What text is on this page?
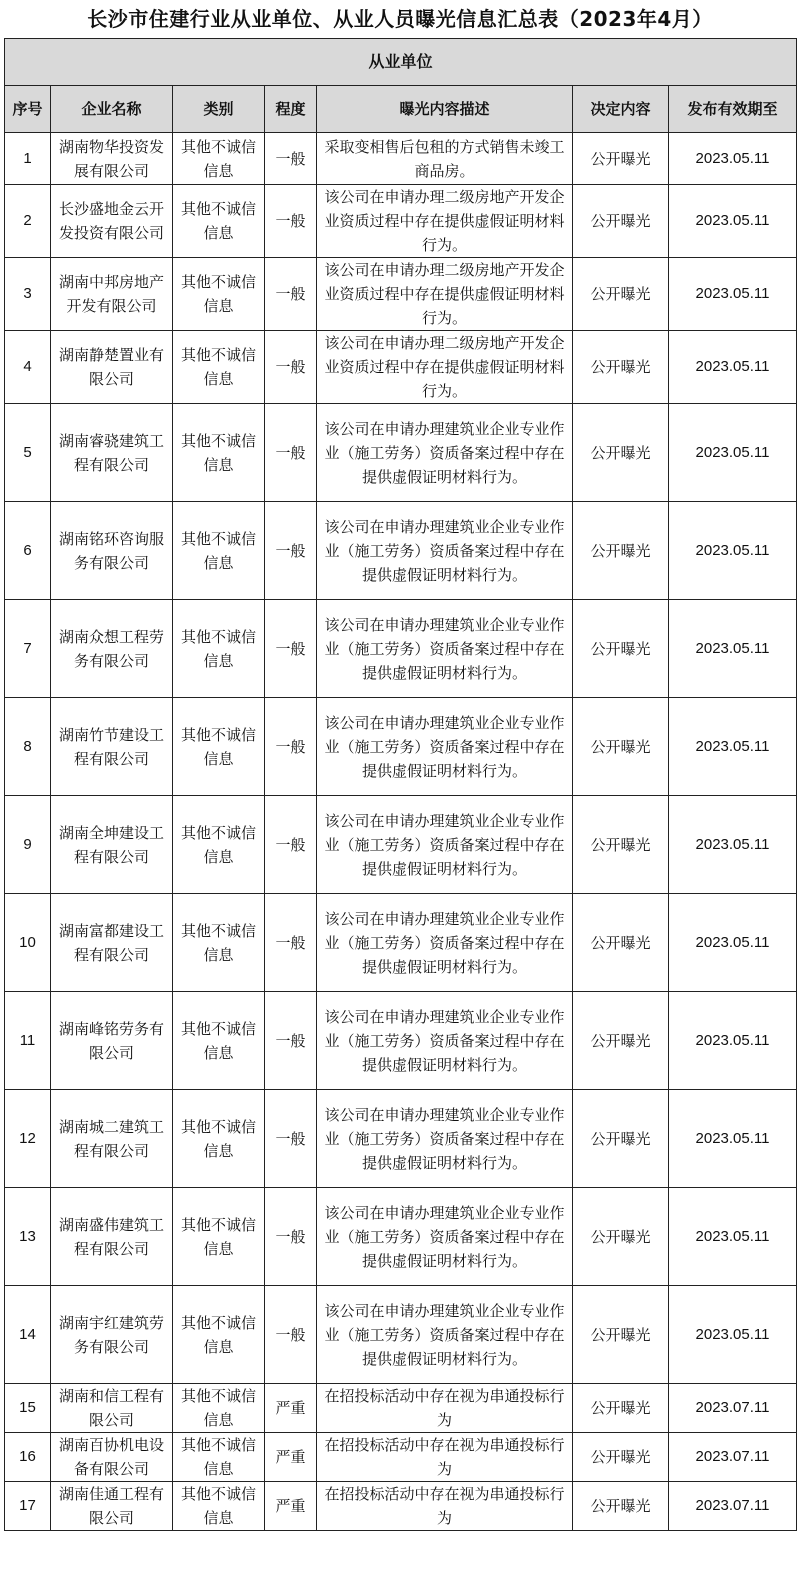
长沙市住建行业从业单位、从业人员曝光信息汇总表（2023年4月）
从业单位						
序号	企业名称	类别	程度	曝光内容描述	决定内容	发布有效期至
1	湖南物华投资发展有限公司	其他不诚信信息	一般	采取变相售后包租的方式销售未竣工商品房。	公开曝光	2023.05.11
2	长沙盛地金云开发投资有限公司	其他不诚信信息	一般	该公司在申请办理二级房地产开发企业资质过程中存在提供虚假证明材料行为。	公开曝光	2023.05.11
3	湖南中邦房地产开发有限公司	其他不诚信信息	一般	该公司在申请办理二级房地产开发企业资质过程中存在提供虚假证明材料行为。	公开曝光	2023.05.11
4	湖南静楚置业有限公司	其他不诚信信息	一般	该公司在申请办理二级房地产开发企业资质过程中存在提供虚假证明材料行为。	公开曝光	2023.05.11
5	湖南睿骁建筑工程有限公司	其他不诚信信息	一般	该公司在申请办理建筑业企业专业作业（施工劳务）资质备案过程中存在提供虚假证明材料行为。	公开曝光	2023.05.11
6	湖南铭环咨询服务有限公司	其他不诚信信息	一般	该公司在申请办理建筑业企业专业作业（施工劳务）资质备案过程中存在提供虚假证明材料行为。	公开曝光	2023.05.11
7	湖南众想工程劳务有限公司	其他不诚信信息	一般	该公司在申请办理建筑业企业专业作业（施工劳务）资质备案过程中存在提供虚假证明材料行为。	公开曝光	2023.05.11
8	湖南竹节建设工程有限公司	其他不诚信信息	一般	该公司在申请办理建筑业企业专业作业（施工劳务）资质备案过程中存在提供虚假证明材料行为。	公开曝光	2023.05.11
9	湖南全坤建设工程有限公司	其他不诚信信息	一般	该公司在申请办理建筑业企业专业作业（施工劳务）资质备案过程中存在提供虚假证明材料行为。	公开曝光	2023.05.11
10	湖南富都建设工程有限公司	其他不诚信信息	一般	该公司在申请办理建筑业企业专业作业（施工劳务）资质备案过程中存在提供虚假证明材料行为。	公开曝光	2023.05.11
11	湖南峰铭劳务有限公司	其他不诚信信息	一般	该公司在申请办理建筑业企业专业作业（施工劳务）资质备案过程中存在提供虚假证明材料行为。	公开曝光	2023.05.11
12	湖南城二建筑工程有限公司	其他不诚信信息	一般	该公司在申请办理建筑业企业专业作业（施工劳务）资质备案过程中存在提供虚假证明材料行为。	公开曝光	2023.05.11
13	湖南盛伟建筑工程有限公司	其他不诚信信息	一般	该公司在申请办理建筑业企业专业作业（施工劳务）资质备案过程中存在提供虚假证明材料行为。	公开曝光	2023.05.11
14	湖南宇红建筑劳务有限公司	其他不诚信信息	一般	该公司在申请办理建筑业企业专业作业（施工劳务）资质备案过程中存在提供虚假证明材料行为。	公开曝光	2023.05.11
15	湖南和信工程有限公司	其他不诚信信息	严重	在招投标活动中存在视为串通投标行为	公开曝光	2023.07.11
16	湖南百协机电设备有限公司	其他不诚信信息	严重	在招投标活动中存在视为串通投标行为	公开曝光	2023.07.11
17	湖南佳通工程有限公司	其他不诚信信息	严重	在招投标活动中存在视为串通投标行为	公开曝光	2023.07.11
